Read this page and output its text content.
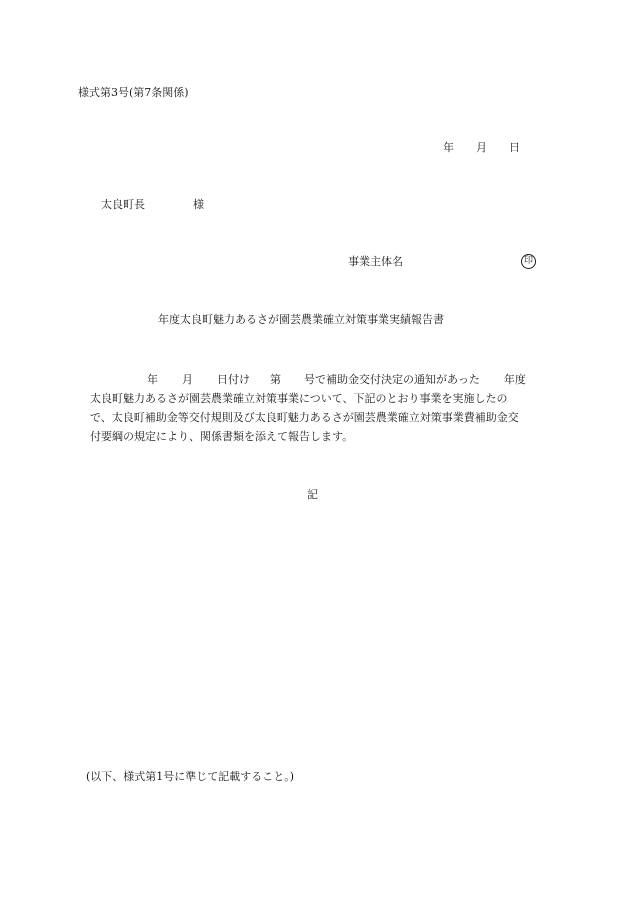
様式第3号(第7条関係)
年 月 日
太良町長	様
事業主体名	印
年度太良町魅力あるさが園芸農業確立対策事業実績報告書
年 月 日付け 第 号で補助金交付決定の通知があった 年度
太良町魅力あるさが園芸農業確立対策事業について、下記のとおり事業を実施したの
で、太良町補助金等交付規則及び太良町魅力あるさが園芸農業確立対策事業費補助金交
付要綱の規定により、関係書類を添えて報告します。
記
(以下、様式第1号に準じて記載すること。)
